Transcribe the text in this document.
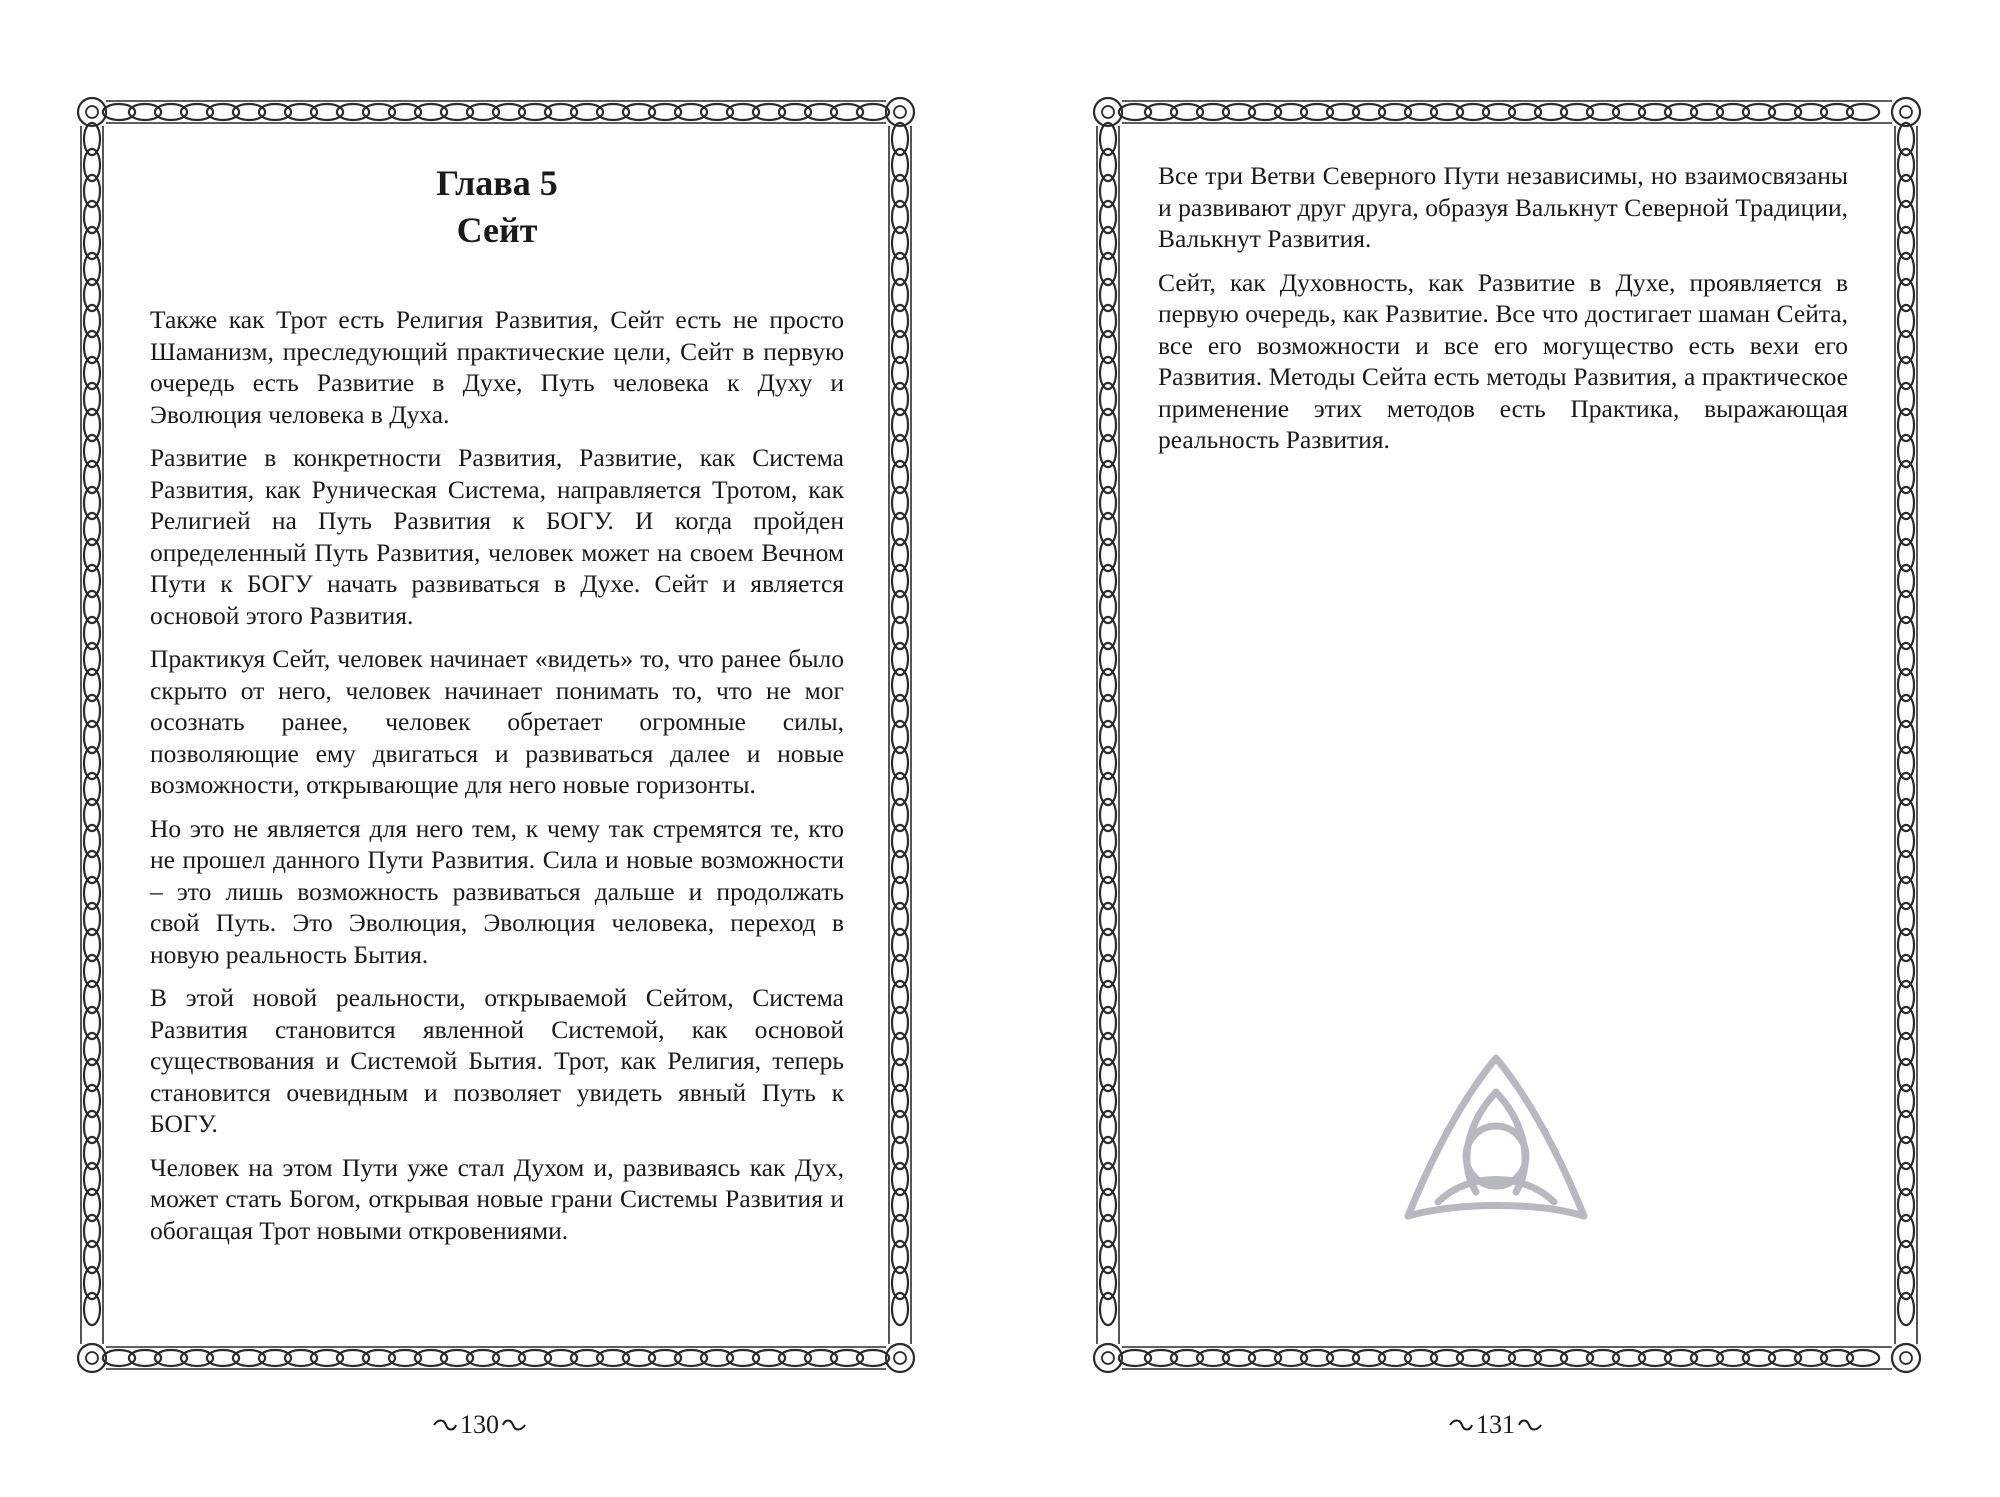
Глава 5
Сейт

Также как Трот есть Религия Развития, Сейт есть не просто Шаманизм, преследующий практические цели, Сейт в первую очередь есть Развитие в Духе, Путь человека к Духу и Эволюция человека в Духа.

Развитие в конкретности Развития, Развитие, как Система Развития, как Руническая Система, направляется Тротом, как Религией на Путь Развития к БОГУ. И когда пройден определенный Путь Развития, человек может на своем Вечном Пути к БОГУ начать развиваться в Духе. Сейт и является основой этого Развития.

Практикуя Сейт, человек начинает «видеть» то, что ранее было скрыто от него, человек начинает понимать то, что не мог осознать ранее, человек обретает огромные силы, позволяющие ему двигаться и развиваться далее и новые возможности, открывающие для него новые горизонты.

Но это не является для него тем, к чему так стремятся те, кто не прошел данного Пути Развития. Сила и новые возможности – это лишь возможность развиваться дальше и продолжать свой Путь. Это Эволюция, Эволюция человека, переход в новую реальность Бытия.

В этой новой реальности, открываемой Сейтом, Система Развития становится явленной Системой, как основой существования и Системой Бытия. Трот, как Религия, теперь становится очевидным и позволяет увидеть явный Путь к БОГУ.

Человек на этом Пути уже стал Духом и, развиваясь как Дух, может стать Богом, открывая новые грани Системы Развития и обогащая Трот новыми откровениями.

130

Все три Ветви Северного Пути независимы, но взаимосвязаны и развивают друг друга, образуя Валькнут Северной Традиции, Валькнут Развития.

Сейт, как Духовность, как Развитие в Духе, проявляется в первую очередь, как Развитие. Все что достигает шаман Сейта, все его возможности и все его могущество есть вехи его Развития. Методы Сейта есть методы Развития, а практическое применение этих методов есть Практика, выражающая реальность Развития.

131
